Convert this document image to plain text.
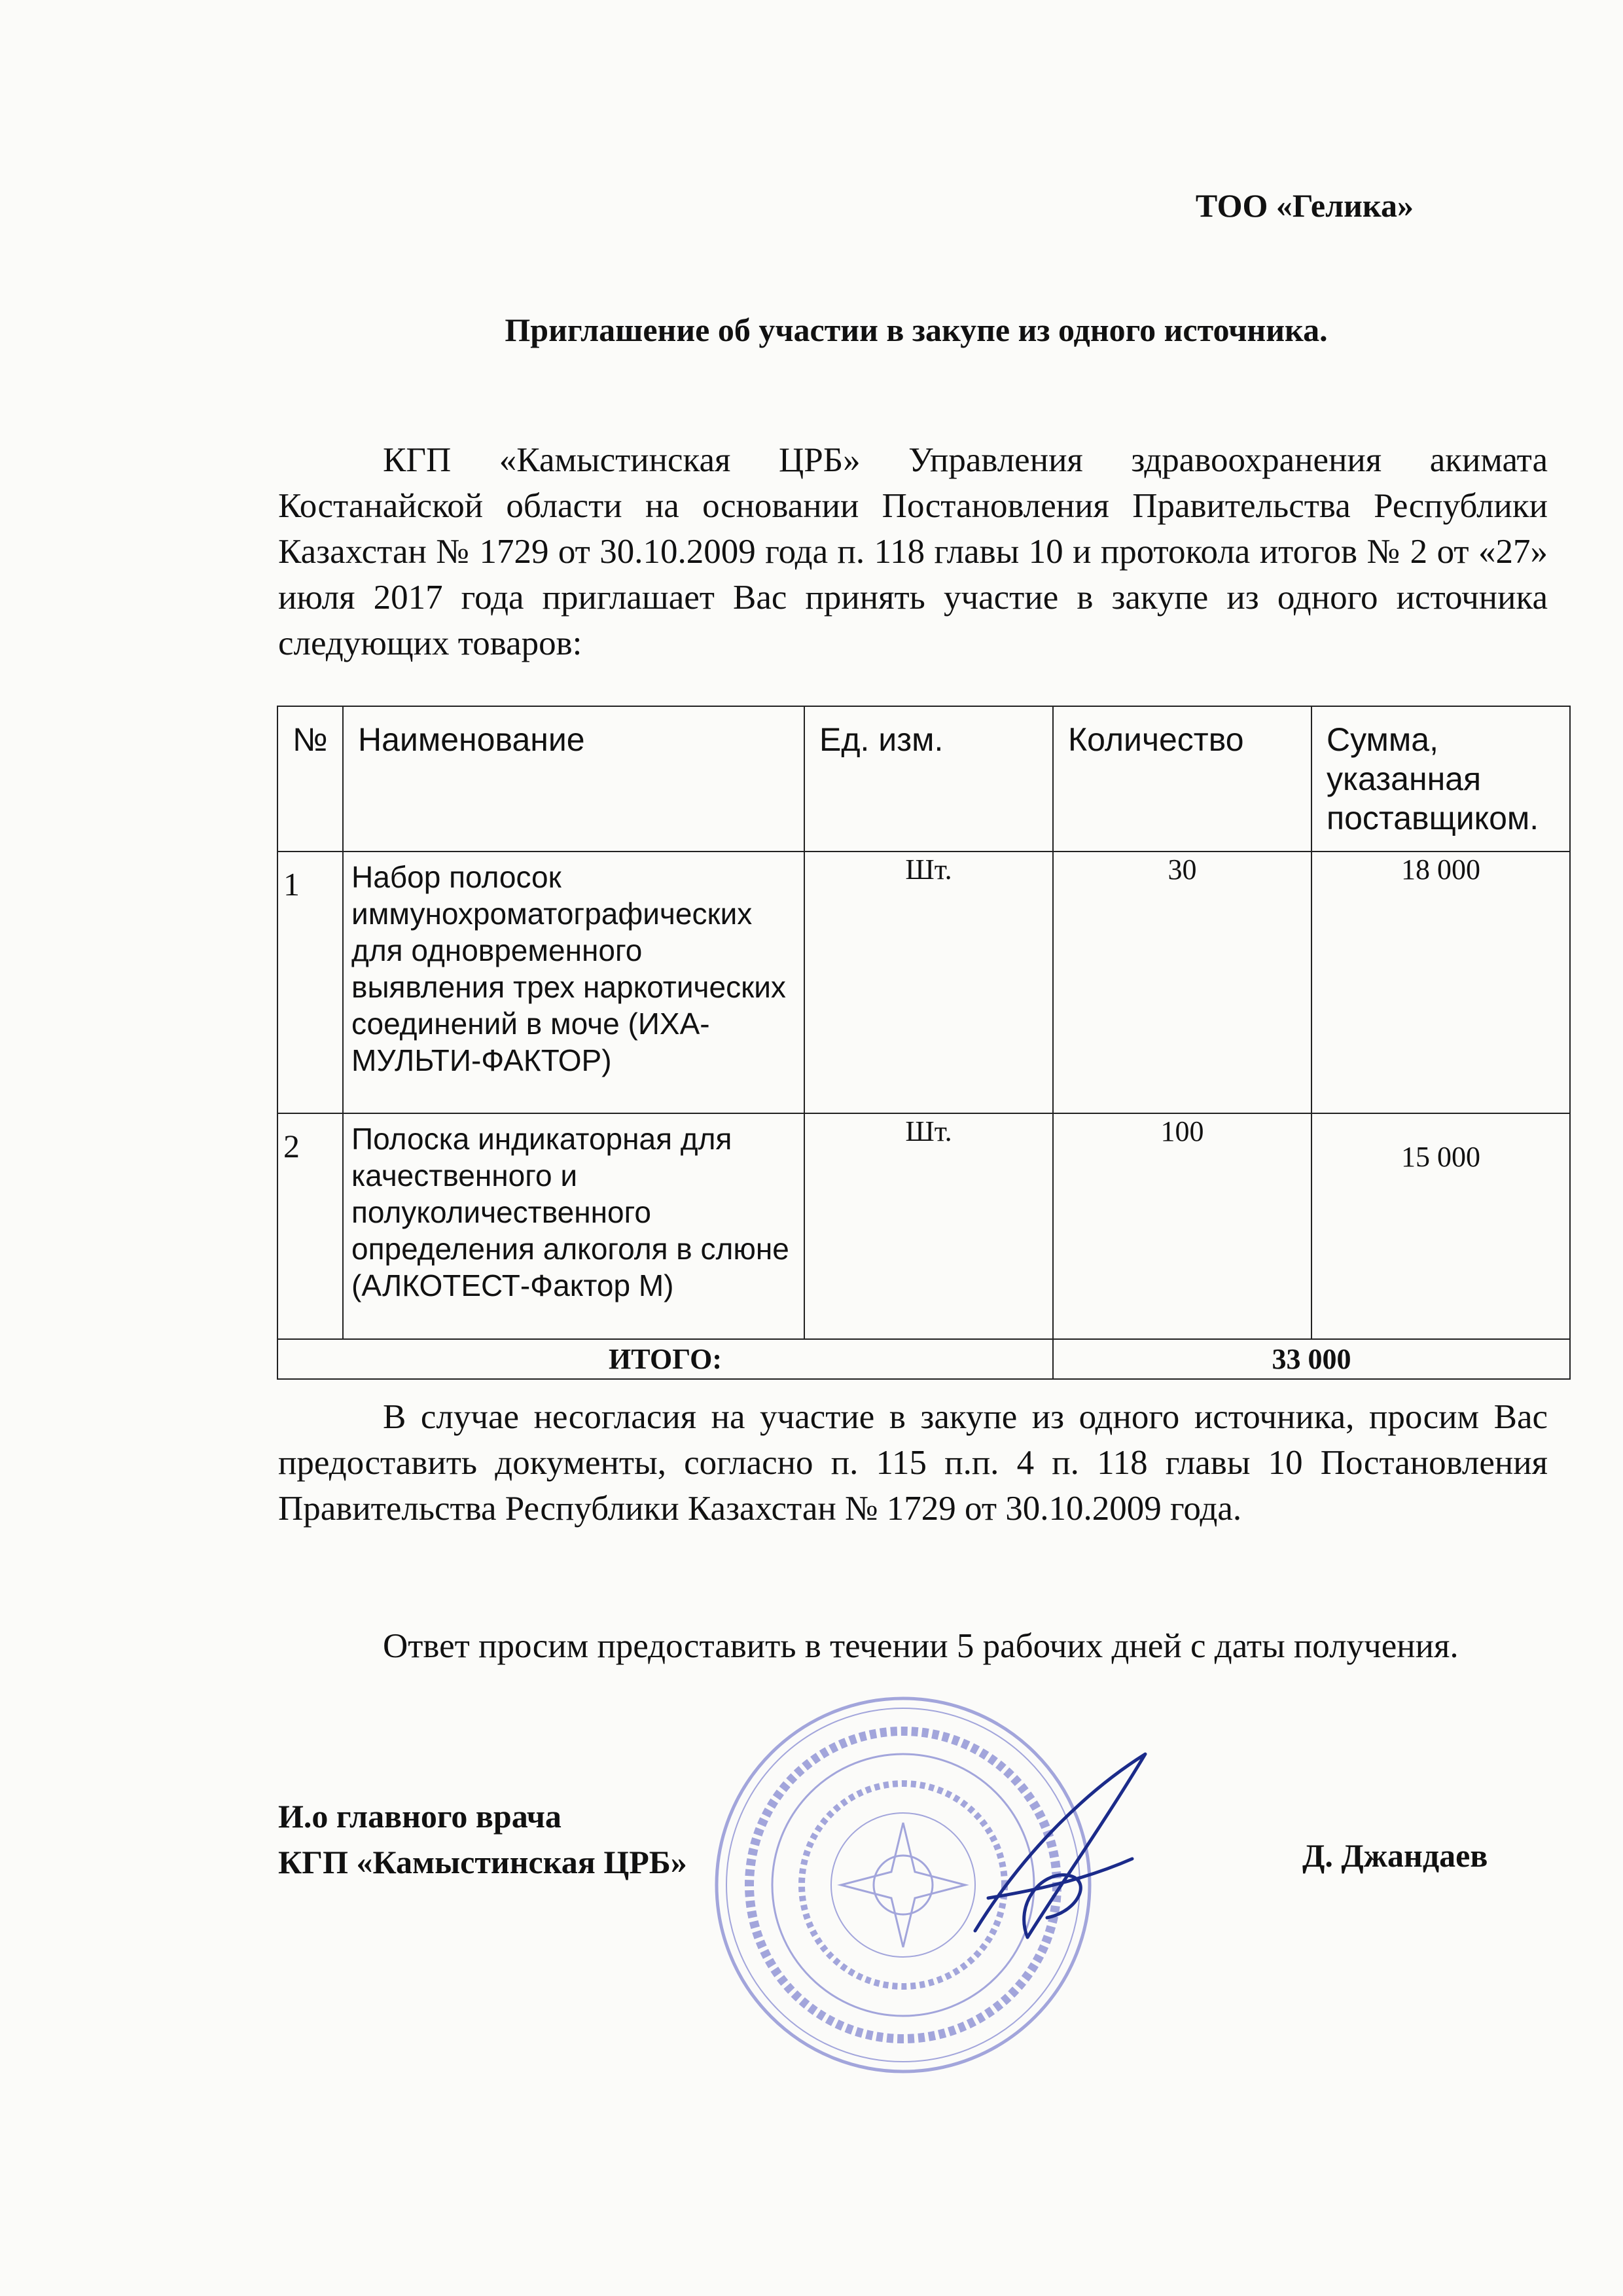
ТОО «Гелика»
Приглашение об участии в закупе из одного источника.
КГП «Камыстинская ЦРБ» Управления здравоохранения акимата Костанайской области на основании Постановления Правительства Республики Казахстан № 1729 от 30.10.2009 года п. 118 главы 10 и протокола итогов № 2 от «27» июля 2017 года приглашает Вас принять участие в закупе из одного источника следующих товаров:
№	Наименование	Ед. изм.	Количество	Сумма, указанная поставщиком.
1	Набор полосок иммунохроматографических для одновременного выявления трех наркотических соединений в моче (ИХА-МУЛЬТИ-ФАКТОР)	Шт.	30	18 000
2	Полоска индикаторная для качественного и полуколичественного определения алкоголя в слюне (АЛКОТЕСТ-Фактор М)	Шт.	100	15 000
ИТОГО:			33 000	
В случае несогласия на участие в закупе из одного источника, просим Вас предоставить документы, согласно п. 115 п.п. 4 п. 118 главы 10 Постановления Правительства Республики Казахстан № 1729 от 30.10.2009 года.
Ответ просим предоставить в течении 5 рабочих дней с даты получения.
И.о главного врача
КГП «Камыстинская ЦРБ»	Д. Джандаев
